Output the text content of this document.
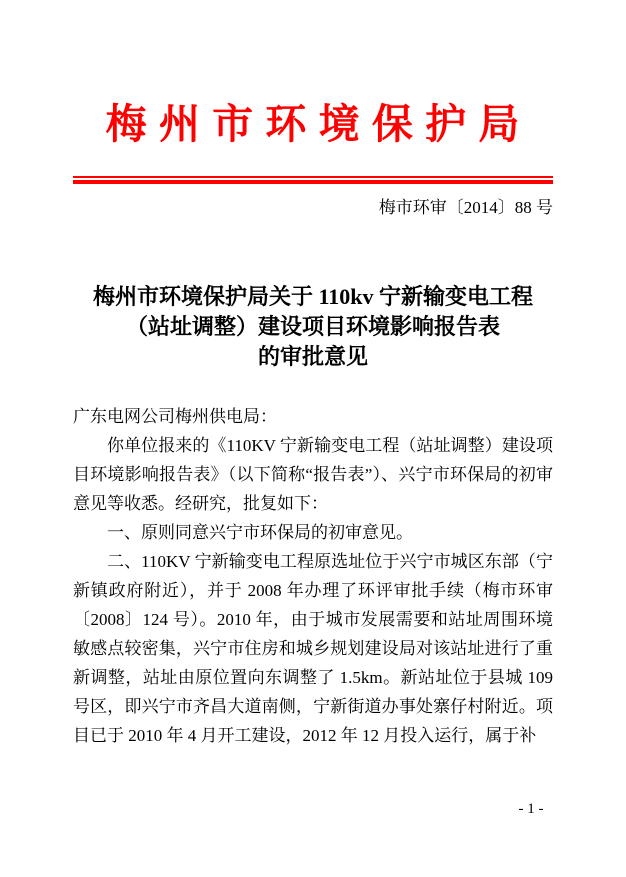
梅 州 市 环 境 保 护 局
梅市环审〔2014〕88 号
梅州市环境保护局关于 110kv 宁新输变电工程
（站址调整）建设项目环境影响报告表
的审批意见

广东电网公司梅州供电局：

你单位报来的《110KV 宁新输变电工程（站址调整）建设项目环境影响报告表》（以下简称“报告表”）、兴宁市环保局的初审意见等收悉。经研究，批复如下：

一、原则同意兴宁市环保局的初审意见。

二、110KV 宁新输变电工程原选址位于兴宁市城区东部（宁新镇政府附近），并于 2008 年办理了环评审批手续（梅市环审〔2008〕124 号）。2010 年，由于城市发展需要和站址周围环境敏感点较密集，兴宁市住房和城乡规划建设局对该站址进行了重新调整，站址由原位置向东调整了 1.5km。新站址位于县城 109 号区，即兴宁市齐昌大道南侧，宁新街道办事处寨仔村附近。项目已于 2010 年 4 月开工建设，2012 年 12 月投入运行，属于补

- 1 -
